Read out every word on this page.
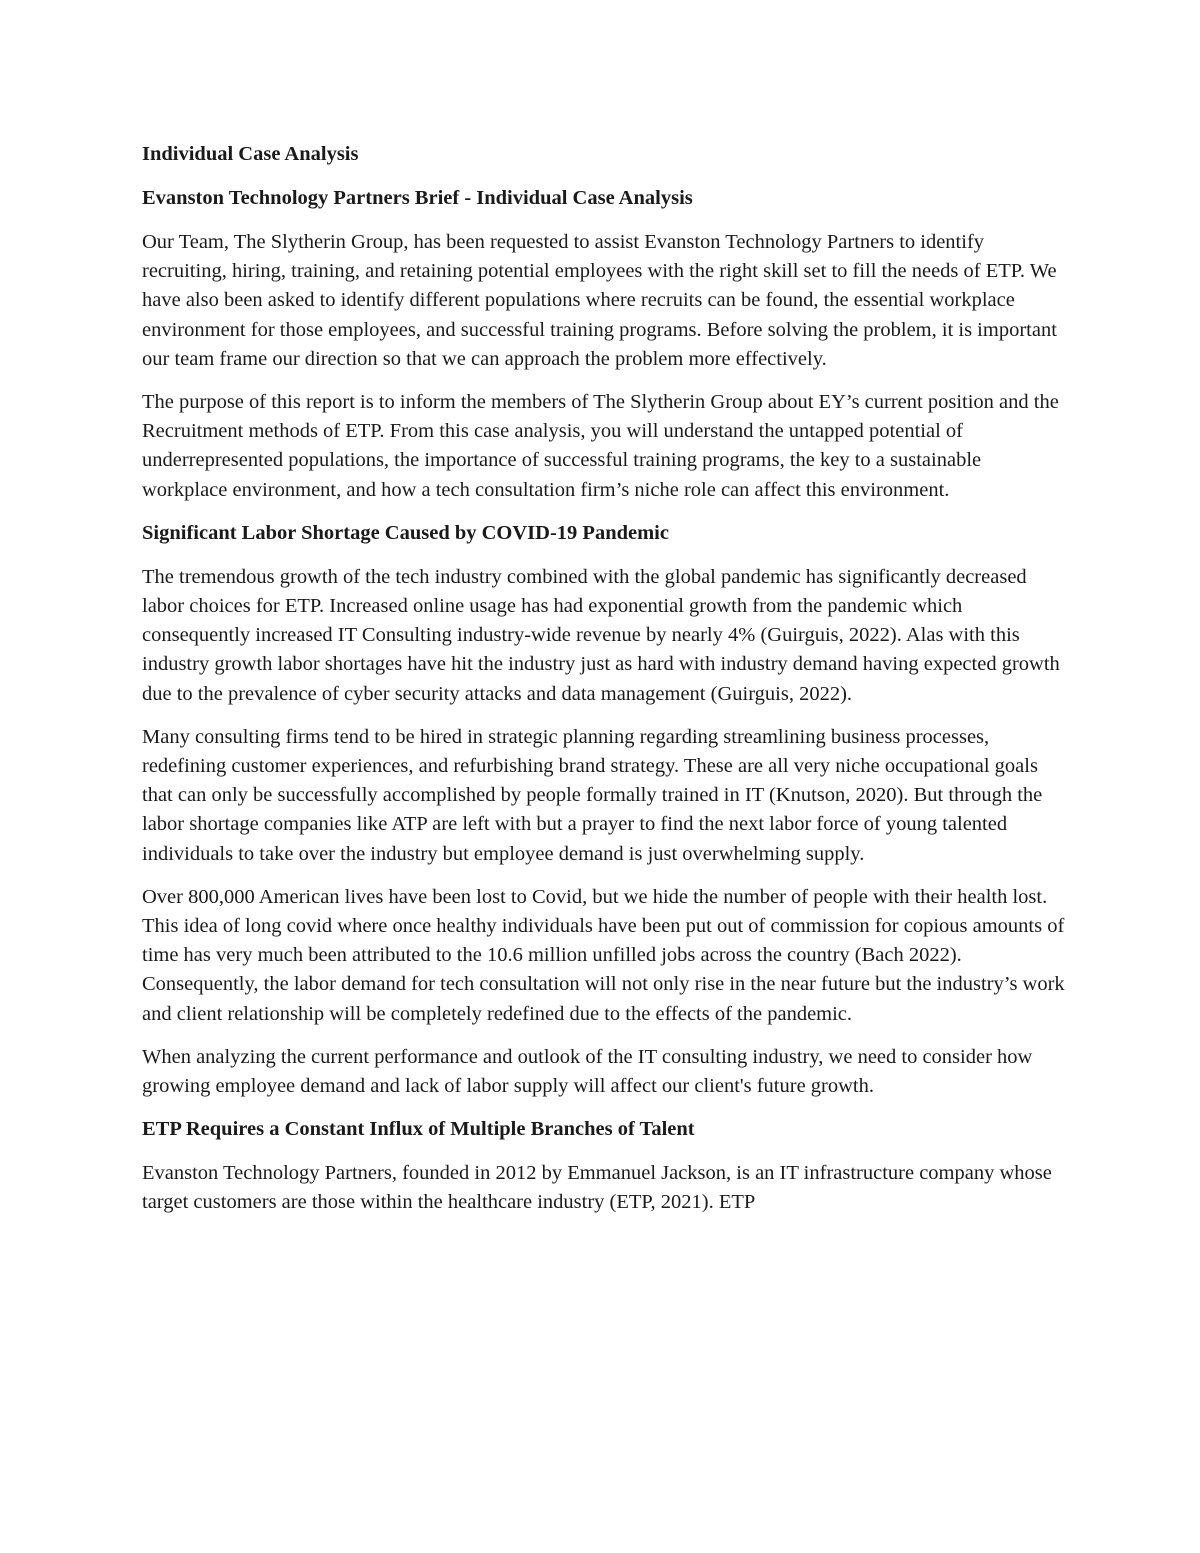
Individual Case Analysis
Evanston Technology Partners Brief - Individual Case Analysis

Our Team, The Slytherin Group, has been requested to assist Evanston Technology Partners to identify recruiting, hiring, training, and retaining potential employees with the right skill set to fill the needs of ETP. We have also been asked to identify different populations where recruits can be found, the essential workplace environment for those employees, and successful training programs. Before solving the problem, it is important our team frame our direction so that we can approach the problem more effectively.

The purpose of this report is to inform the members of The Slytherin Group about EY’s current position and the Recruitment methods of ETP. From this case analysis, you will understand the untapped potential of underrepresented populations, the importance of successful training programs, the key to a sustainable workplace environment, and how a tech consultation firm’s niche role can affect this environment.

Significant Labor Shortage Caused by COVID-19 Pandemic

The tremendous growth of the tech industry combined with the global pandemic has significantly decreased labor choices for ETP. Increased online usage has had exponential growth from the pandemic which consequently increased IT Consulting industry-wide revenue by nearly 4% (Guirguis, 2022). Alas with this industry growth labor shortages have hit the industry just as hard with industry demand having expected growth due to the prevalence of cyber security attacks and data management (Guirguis, 2022).

Many consulting firms tend to be hired in strategic planning regarding streamlining business processes, redefining customer experiences, and refurbishing brand strategy. These are all very niche occupational goals that can only be successfully accomplished by people formally trained in IT (Knutson, 2020). But through the labor shortage companies like ATP are left with but a prayer to find the next labor force of young talented individuals to take over the industry but employee demand is just overwhelming supply.

Over 800,000 American lives have been lost to Covid, but we hide the number of people with their health lost. This idea of long covid where once healthy individuals have been put out of commission for copious amounts of time has very much been attributed to the 10.6 million unfilled jobs across the country (Bach 2022). Consequently, the labor demand for tech consultation will not only rise in the near future but the industry’s work and client relationship will be completely redefined due to the effects of the pandemic.

When analyzing the current performance and outlook of the IT consulting industry, we need to consider how growing employee demand and lack of labor supply will affect our client's future growth.

ETP Requires a Constant Influx of Multiple Branches of Talent

Evanston Technology Partners, founded in 2012 by Emmanuel Jackson, is an IT infrastructure company whose target customers are those within the healthcare industry (ETP, 2021). ETP
